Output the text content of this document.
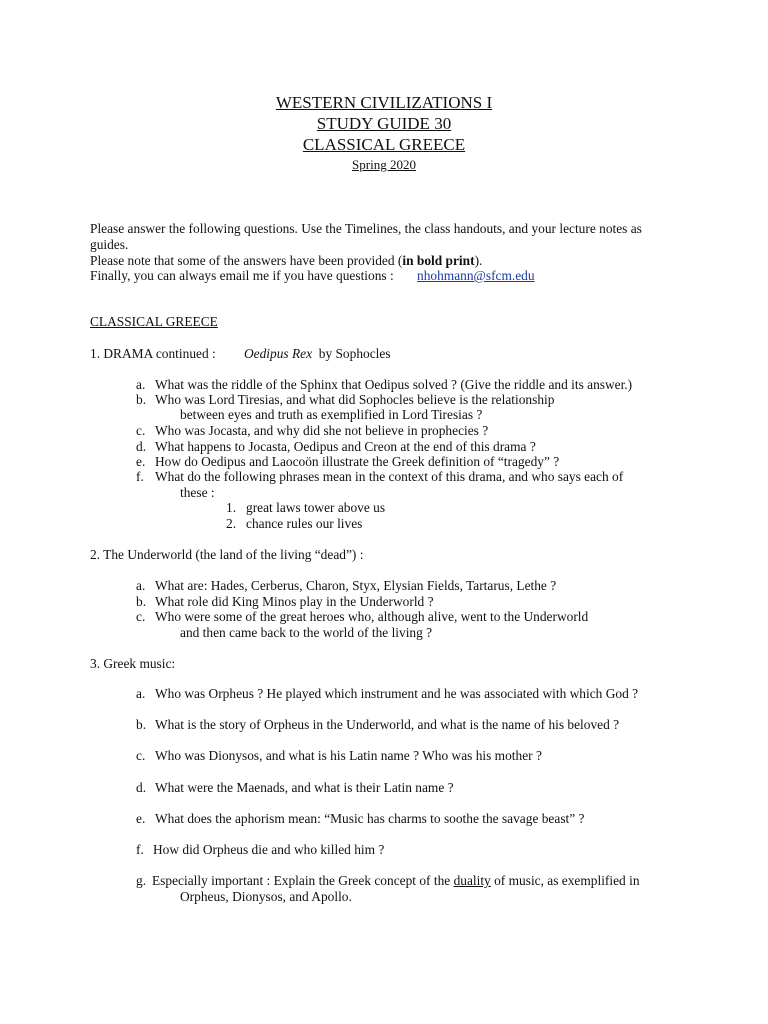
WESTERN CIVILIZATIONS I
STUDY GUIDE 30
CLASSICAL GREECE
Spring 2020
Please answer the following questions. Use the Timelines, the class handouts, and your lecture notes as
guides.
Please note that some of the answers have been provided (in bold print).
Finally, you can always email me if you have questions : nhohmann@sfcm.edu
CLASSICAL GREECE
1. DRAMA continued : Oedipus Rex by Sophocles
a. What was the riddle of the Sphinx that Oedipus solved ? (Give the riddle and its answer.)
b. Who was Lord Tiresias, and what did Sophocles believe is the relationship
between eyes and truth as exemplified in Lord Tiresias ?
c. Who was Jocasta, and why did she not believe in prophecies ?
d. What happens to Jocasta, Oedipus and Creon at the end of this drama ?
e. How do Oedipus and Laocoön illustrate the Greek definition of “tragedy” ?
f. What do the following phrases mean in the context of this drama, and who says each of
these :
1. great laws tower above us
2. chance rules our lives
2. The Underworld (the land of the living “dead”) :
a. What are: Hades, Cerberus, Charon, Styx, Elysian Fields, Tartarus, Lethe ?
b. What role did King Minos play in the Underworld ?
c. Who were some of the great heroes who, although alive, went to the Underworld
and then came back to the world of the living ?
3. Greek music:
a. Who was Orpheus ? He played which instrument and he was associated with which God ?
b. What is the story of Orpheus in the Underworld, and what is the name of his beloved ?
c. Who was Dionysos, and what is his Latin name ? Who was his mother ?
d. What were the Maenads, and what is their Latin name ?
e. What does the aphorism mean: “Music has charms to soothe the savage beast” ?
f. How did Orpheus die and who killed him ?
g. Especially important : Explain the Greek concept of the duality of music, as exemplified in
Orpheus, Dionysos, and Apollo.
